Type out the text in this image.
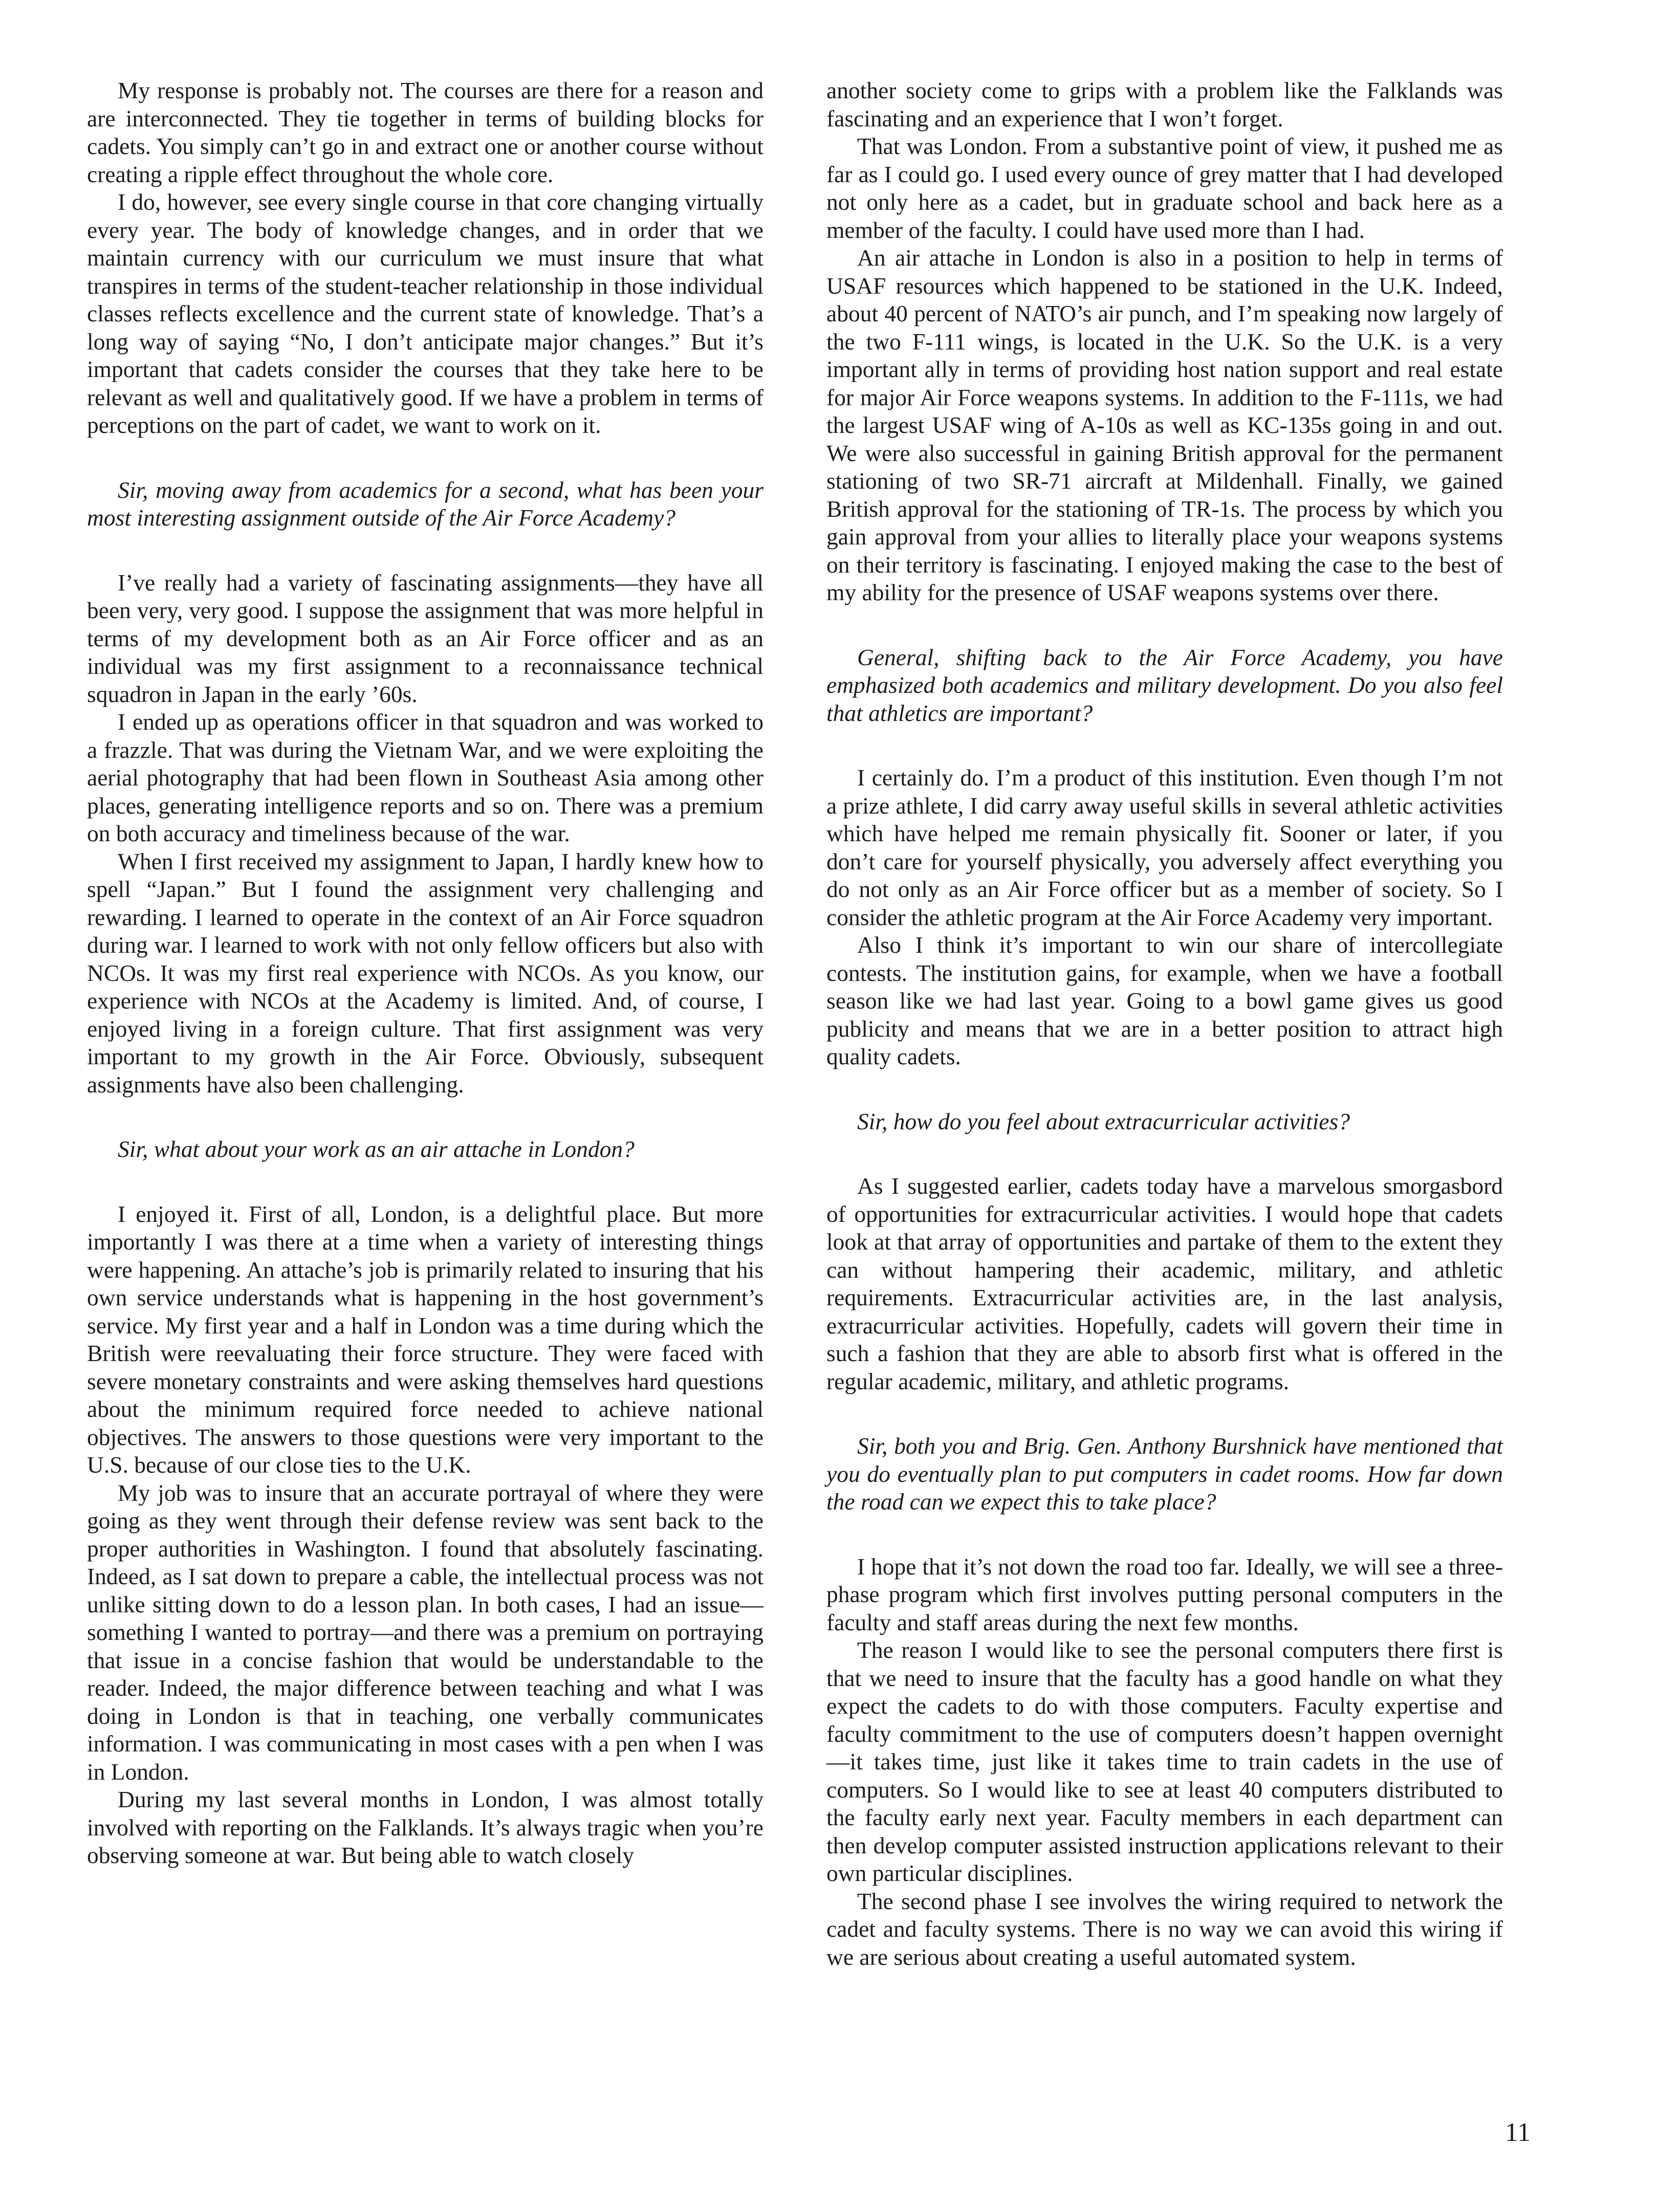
My response is probably not. The courses are there for a reason and are interconnected. They tie together in terms of building blocks for cadets. You simply can’t go in and extract one or another course without creating a ripple effect throughout the whole core.

I do, however, see every single course in that core changing virtually every year. The body of knowledge changes, and in order that we maintain currency with our curriculum we must insure that what transpires in terms of the student-teacher relationship in those individual classes reflects excellence and the current state of knowledge. That’s a long way of saying “No, I don’t anticipate major changes.” But it’s important that cadets consider the courses that they take here to be relevant as well and qualitatively good. If we have a problem in terms of perceptions on the part of cadet, we want to work on it.

Sir, moving away from academics for a second, what has been your most interesting assignment outside of the Air Force Academy?

I’ve really had a variety of fascinating assignments—they have all been very, very good. I suppose the assignment that was more helpful in terms of my development both as an Air Force officer and as an individual was my first assignment to a reconnaissance technical squadron in Japan in the early ’60s.

I ended up as operations officer in that squadron and was worked to a frazzle. That was during the Vietnam War, and we were exploiting the aerial photography that had been flown in Southeast Asia among other places, generating intelligence reports and so on. There was a premium on both accuracy and timeliness because of the war.

When I first received my assignment to Japan, I hardly knew how to spell “Japan.” But I found the assignment very challenging and rewarding. I learned to operate in the context of an Air Force squadron during war. I learned to work with not only fellow officers but also with NCOs. It was my first real experience with NCOs. As you know, our experience with NCOs at the Academy is limited. And, of course, I enjoyed living in a foreign culture. That first assignment was very important to my growth in the Air Force. Obviously, subsequent assignments have also been challenging.

Sir, what about your work as an air attache in London?

I enjoyed it. First of all, London, is a delightful place. But more importantly I was there at a time when a variety of interesting things were happening. An attache’s job is primarily related to insuring that his own service understands what is happening in the host government’s service. My first year and a half in London was a time during which the British were reevaluating their force structure. They were faced with severe monetary constraints and were asking themselves hard questions about the minimum required force needed to achieve national objectives. The answers to those questions were very important to the U.S. because of our close ties to the U.K.

My job was to insure that an accurate portrayal of where they were going as they went through their defense review was sent back to the proper authorities in Washington. I found that absolutely fascinating. Indeed, as I sat down to prepare a cable, the intellectual process was not unlike sitting down to do a lesson plan. In both cases, I had an issue—something I wanted to portray—and there was a premium on portraying that issue in a concise fashion that would be understandable to the reader. Indeed, the major difference between teaching and what I was doing in London is that in teaching, one verbally communicates information. I was communicating in most cases with a pen when I was in London.

During my last several months in London, I was almost totally involved with reporting on the Falklands. It’s always tragic when you’re observing someone at war. But being able to watch closely

another society come to grips with a problem like the Falklands was fascinating and an experience that I won’t forget.

That was London. From a substantive point of view, it pushed me as far as I could go. I used every ounce of grey matter that I had developed not only here as a cadet, but in graduate school and back here as a member of the faculty. I could have used more than I had.

An air attache in London is also in a position to help in terms of USAF resources which happened to be stationed in the U.K. Indeed, about 40 percent of NATO’s air punch, and I’m speaking now largely of the two F-111 wings, is located in the U.K. So the U.K. is a very important ally in terms of providing host nation support and real estate for major Air Force weapons systems. In addition to the F-111s, we had the largest USAF wing of A-10s as well as KC-135s going in and out. We were also successful in gaining British approval for the permanent stationing of two SR-71 aircraft at Mildenhall. Finally, we gained British approval for the stationing of TR-1s. The process by which you gain approval from your allies to literally place your weapons systems on their territory is fascinating. I enjoyed making the case to the best of my ability for the presence of USAF weapons systems over there.

General, shifting back to the Air Force Academy, you have emphasized both academics and military development. Do you also feel that athletics are important?

I certainly do. I’m a product of this institution. Even though I’m not a prize athlete, I did carry away useful skills in several athletic activities which have helped me remain physically fit. Sooner or later, if you don’t care for yourself physically, you adversely affect everything you do not only as an Air Force officer but as a member of society. So I consider the athletic program at the Air Force Academy very important.

Also I think it’s important to win our share of intercollegiate contests. The institution gains, for example, when we have a football season like we had last year. Going to a bowl game gives us good publicity and means that we are in a better position to attract high quality cadets.

Sir, how do you feel about extracurricular activities?

As I suggested earlier, cadets today have a marvelous smorgasbord of opportunities for extracurricular activities. I would hope that cadets look at that array of opportunities and partake of them to the extent they can without hampering their academic, military, and athletic requirements. Extracurricular activities are, in the last analysis, extracurricular activities. Hopefully, cadets will govern their time in such a fashion that they are able to absorb first what is offered in the regular academic, military, and athletic programs.

Sir, both you and Brig. Gen. Anthony Burshnick have mentioned that you do eventually plan to put computers in cadet rooms. How far down the road can we expect this to take place?

I hope that it’s not down the road too far. Ideally, we will see a three-phase program which first involves putting personal computers in the faculty and staff areas during the next few months.

The reason I would like to see the personal computers there first is that we need to insure that the faculty has a good handle on what they expect the cadets to do with those computers. Faculty expertise and faculty commitment to the use of computers doesn’t happen overnight—it takes time, just like it takes time to train cadets in the use of computers. So I would like to see at least 40 computers distributed to the faculty early next year. Faculty members in each department can then develop computer assisted instruction applications relevant to their own particular disciplines.

The second phase I see involves the wiring required to network the cadet and faculty systems. There is no way we can avoid this wiring if we are serious about creating a useful automated system.

11
